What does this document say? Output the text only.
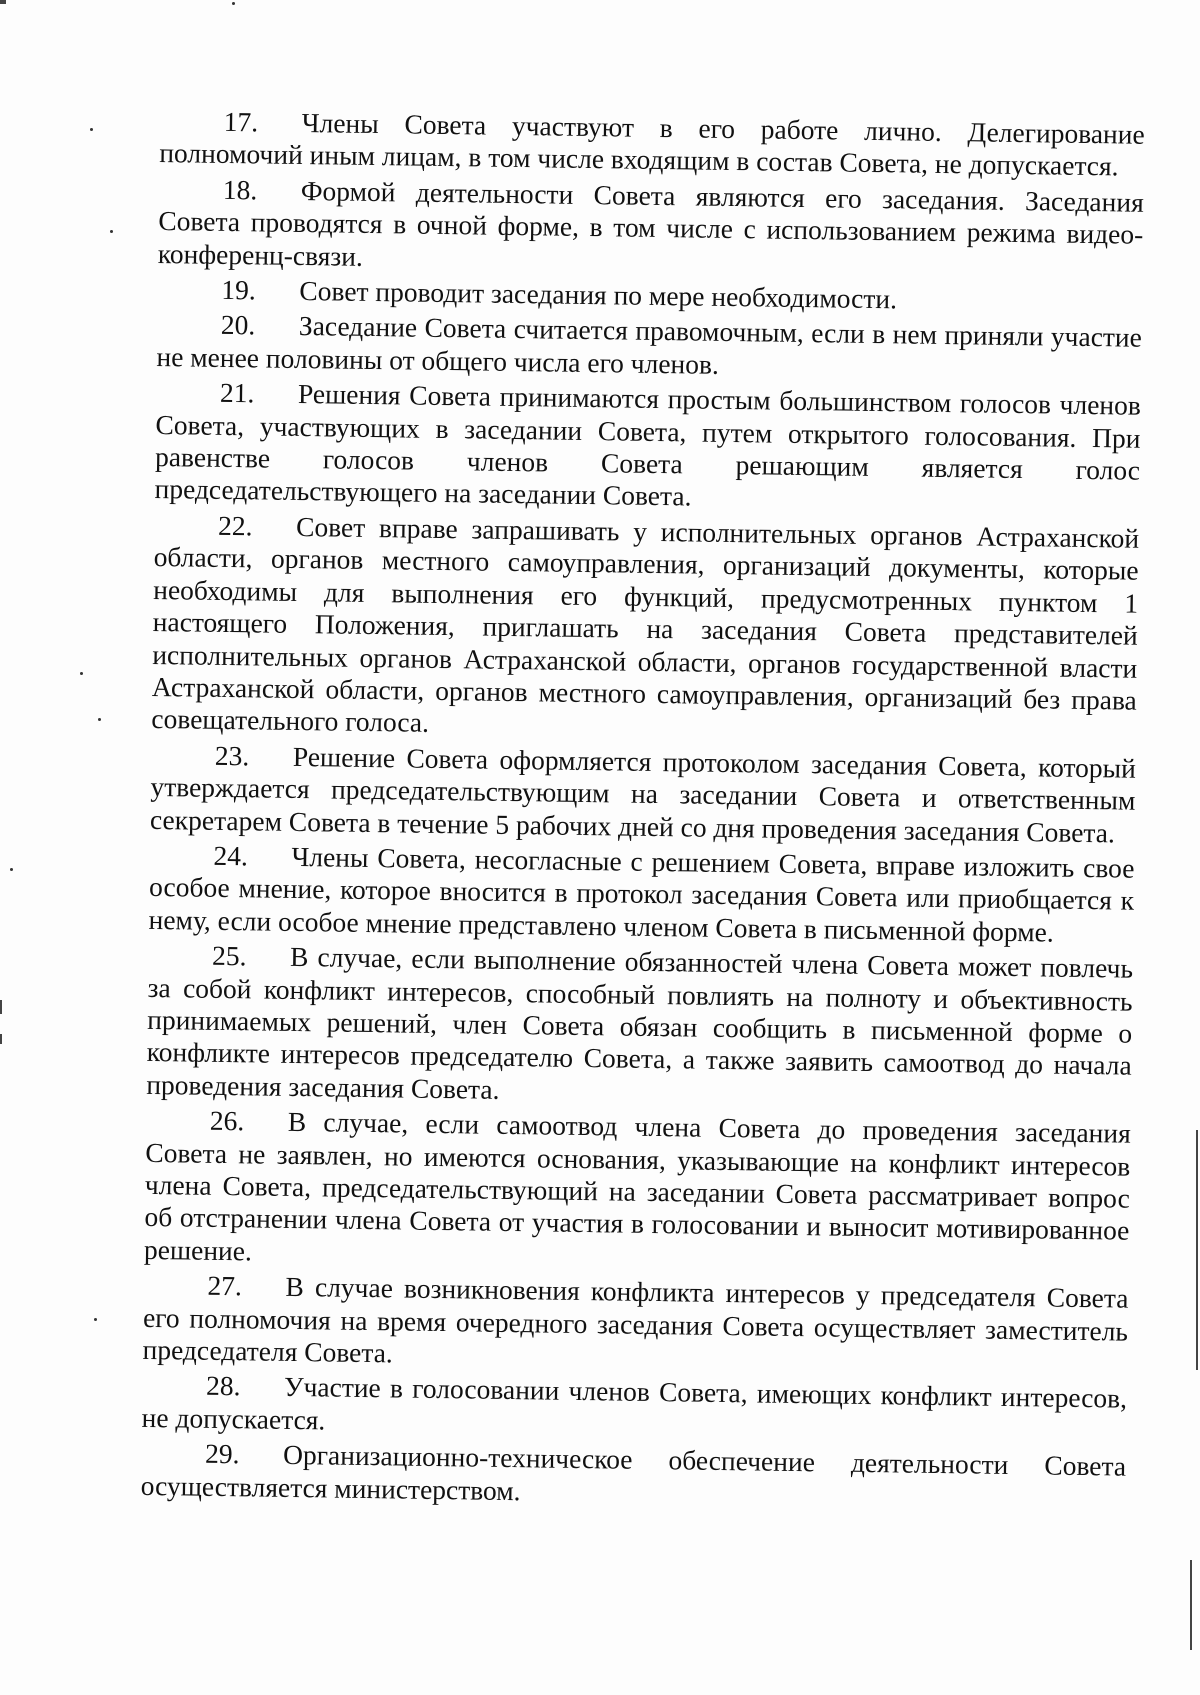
17. Члены Совета участвуют в его работе лично. Делегирование полномочий иным лицам, в том числе входящим в состав Совета, не допускается.

18. Формой деятельности Совета являются его заседания. Заседания Совета проводятся в очной форме, в том числе с использованием режима видео-конференц-связи.

19. Совет проводит заседания по мере необходимости.

20. Заседание Совета считается правомочным, если в нем приняли участие не менее половины от общего числа его членов.

21. Решения Совета принимаются простым большинством голосов членов Совета, участвующих в заседании Совета, путем открытого голосования. При равенстве голосов членов Совета решающим является голос председательствующего на заседании Совета.

22. Совет вправе запрашивать у исполнительных органов Астраханской области, органов местного самоуправления, организаций документы, которые необходимы для выполнения его функций, предусмотренных пунктом 1 настоящего Положения, приглашать на заседания Совета представителей исполнительных органов Астраханской области, органов государственной власти Астраханской области, органов местного самоуправления, организаций без права совещательного голоса.

23. Решение Совета оформляется протоколом заседания Совета, который утверждается председательствующим на заседании Совета и ответственным секретарем Совета в течение 5 рабочих дней со дня проведения заседания Совета.

24. Члены Совета, несогласные с решением Совета, вправе изложить свое особое мнение, которое вносится в протокол заседания Совета или приобщается к нему, если особое мнение представлено членом Совета в письменной форме.

25. В случае, если выполнение обязанностей члена Совета может повлечь за собой конфликт интересов, способный повлиять на полноту и объективность принимаемых решений, член Совета обязан сообщить в письменной форме о конфликте интересов председателю Совета, а также заявить самоотвод до начала проведения заседания Совета.

26. В случае, если самоотвод члена Совета до проведения заседания Совета не заявлен, но имеются основания, указывающие на конфликт интересов члена Совета, председательствующий на заседании Совета рассматривает вопрос об отстранении члена Совета от участия в голосовании и выносит мотивированное решение.

27. В случае возникновения конфликта интересов у председателя Совета его полномочия на время очередного заседания Совета осуществляет заместитель председателя Совета.

28. Участие в голосовании членов Совета, имеющих конфликт интересов, не допускается.

29. Организационно-техническое обеспечение деятельности Совета осуществляется министерством.
